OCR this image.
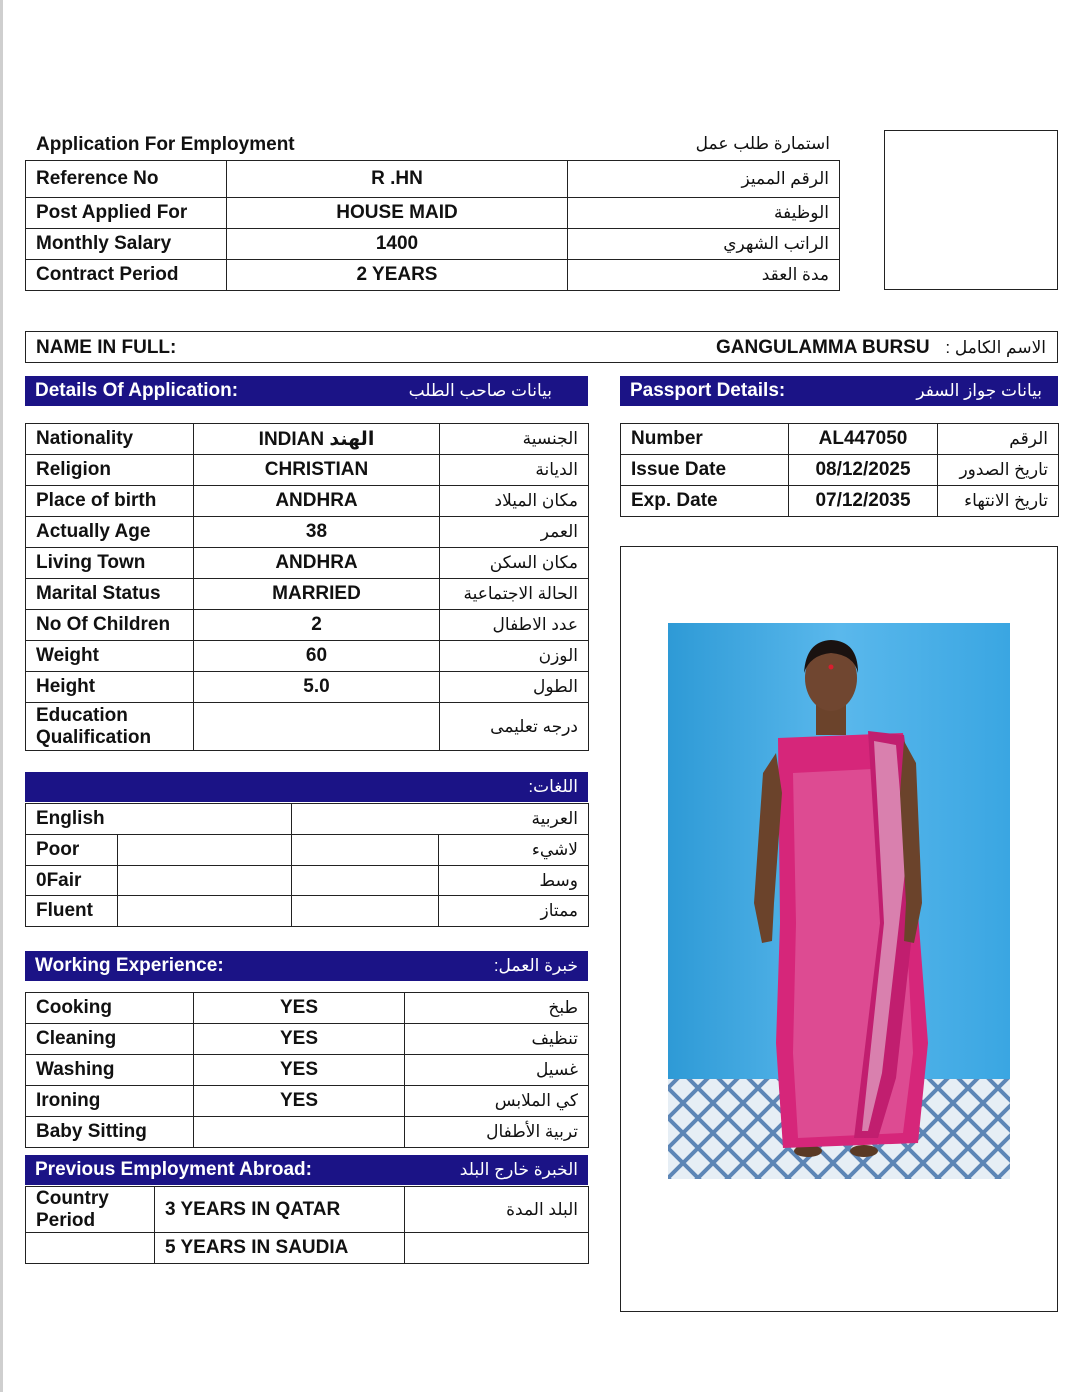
Application For Employment	استمارة طلب عمل
Reference No	R .HN	الرقم المميز
Post Applied For	HOUSE MAID	الوظيفة
Monthly Salary	1400	الراتب الشهري
Contract Period	2 YEARS	مدة العقد
NAME IN FULL:	GANGULAMMA BURSU الاسم الكامل :
Details Of Application:	بيانات صاحب الطلب	Passport Details:	بيانات جواز السفر
Nationality	INDIAN الهند	الجنسية
Religion	CHRISTIAN	الديانة
Place of birth	ANDHRA	مكان الميلاد
Actually Age	38	العمر
Living Town	ANDHRA	مكان السكن
Marital Status	MARRIED	الحالة الاجتماعية
No Of Children	2	عدد الاطفال
Weight	60	الوزن
Height	5.0	الطول

Education
Qualification		درجه تعليمى
Number	AL447050	الرقم
Issue Date	08/12/2025	تاريخ الصدور
Exp. Date	07/12/2035	تاريخ الانتهاء
اللغات:
English		العربية	
Poor			لاشيء
0Fair			وسط
Fluent			ممتاز
Working Experience:	خبرة العمل:
Cooking	YES	طبخ
Cleaning	YES	تنظيف
Washing	YES	غسيل
Ironing	YES	كي الملابس
Baby Sitting		تربية الأطفال
Previous Employment Abroad:	الخبرة خارج البلد
Country
Period	3 YEARS IN QATAR	البلد المدة
	5 YEARS IN SAUDIA	
